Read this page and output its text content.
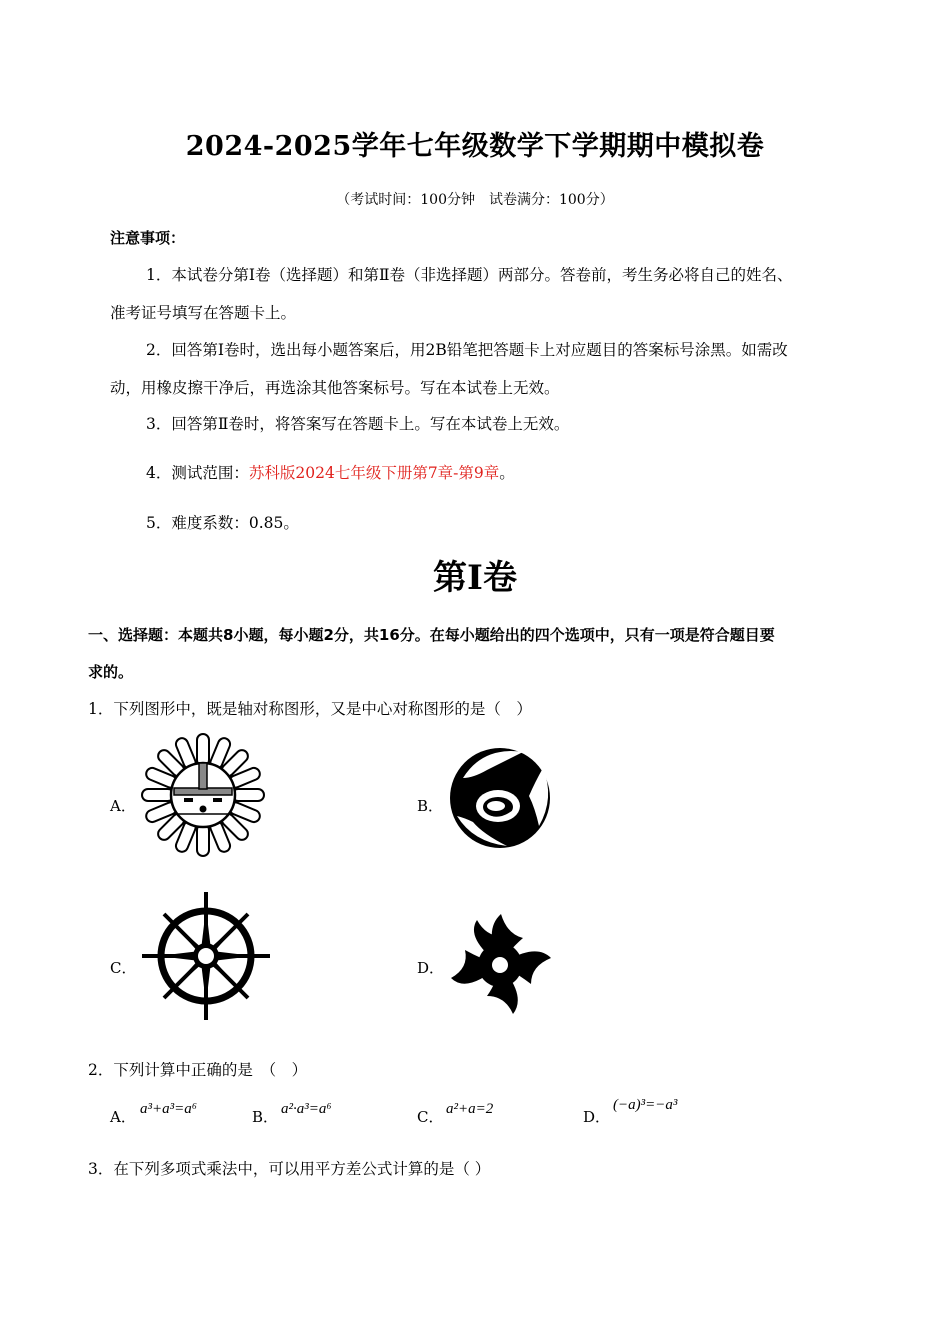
2024-2025学年七年级数学下学期期中模拟卷
（考试时间：100分钟　试卷满分：100分）
注意事项：
1．本试卷分第Ⅰ卷（选择题）和第Ⅱ卷（非选择题）两部分。答卷前，考生务必将自己的姓名、
准考证号填写在答题卡上。
2．回答第Ⅰ卷时，选出每小题答案后，用2B铅笔把答题卡上对应题目的答案标号涂黑。如需改
动，用橡皮擦干净后，再选涂其他答案标号。写在本试卷上无效。
3．回答第Ⅱ卷时，将答案写在答题卡上。写在本试卷上无效。
4．测试范围：苏科版2024七年级下册第7章-第9章。
5．难度系数：0.85。
第Ⅰ卷
一、选择题：本题共8小题，每小题2分，共16分。在每小题给出的四个选项中，只有一项是符合题目要
求的。
1．下列图形中，既是轴对称图形，又是中心对称图形的是（　）
A．	B．
C．	D．
2．下列计算中正确的是　（　）
A． a³+a³=a⁶	B． a²·a³=a⁶	C． a²+a=2	D．
(−a)³=−a³
3．在下列多项式乘法中，可以用平方差公式计算的是（ ）
